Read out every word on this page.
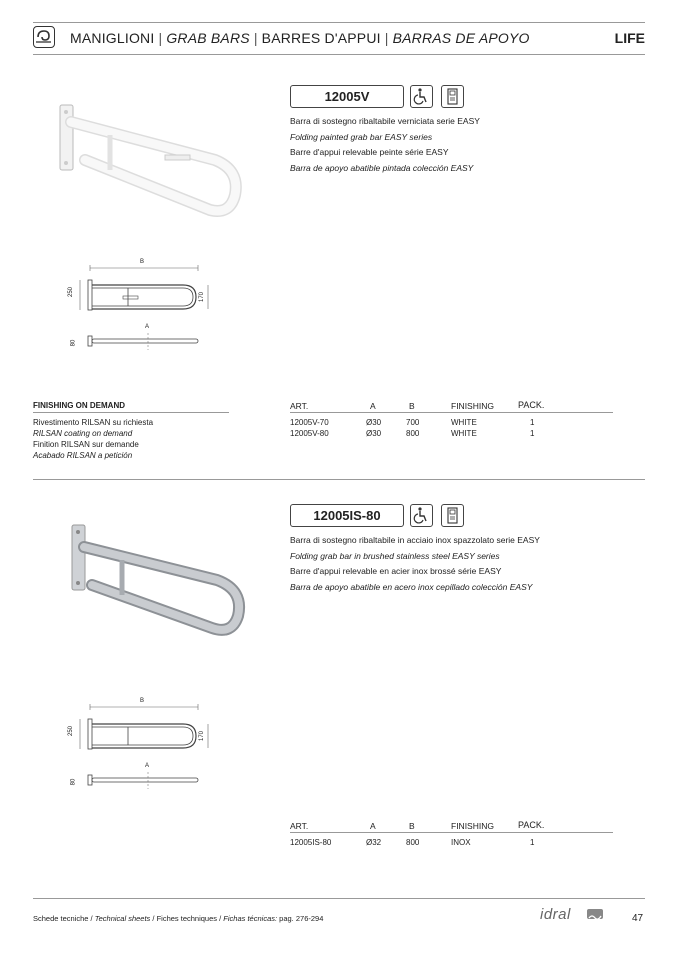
MANIGLIONI | GRAB BARS | BARRES D'APPUI | BARRAS DE APOYO	LIFE
B
250	170
A
80
12005V
Barra di sostegno ribaltabile verniciata serie EASY
Folding painted grab bar EASY series
Barre d'appui relevable peinte série EASY
Barra de apoyo abatible pintada colección EASY
FINISHING ON DEMAND
Rivestimento RILSAN su richiesta
RILSAN coating on demand
Finition RILSAN sur demande
Acabado RILSAN a petición
ART.	A	B	FINISHING	PACK.
12005V-70	Ø30	700	WHITE	1
12005V-80	Ø30	800	WHITE	1
B
250	170
A
80
12005IS-80
Barra di sostegno ribaltabile in acciaio inox spazzolato serie EASY
Folding grab bar in brushed stainless steel EASY series
Barre d'appui relevable en acier inox brossé série EASY
Barra de apoyo abatible en acero inox cepillado colección EASY
ART.	A	B	FINISHING	PACK.
12005IS-80	Ø32	800	INOX	1
Schede tecniche / Technical sheets / Fiches techniques / Fichas técnicas: pag. 276-294	idral	47
